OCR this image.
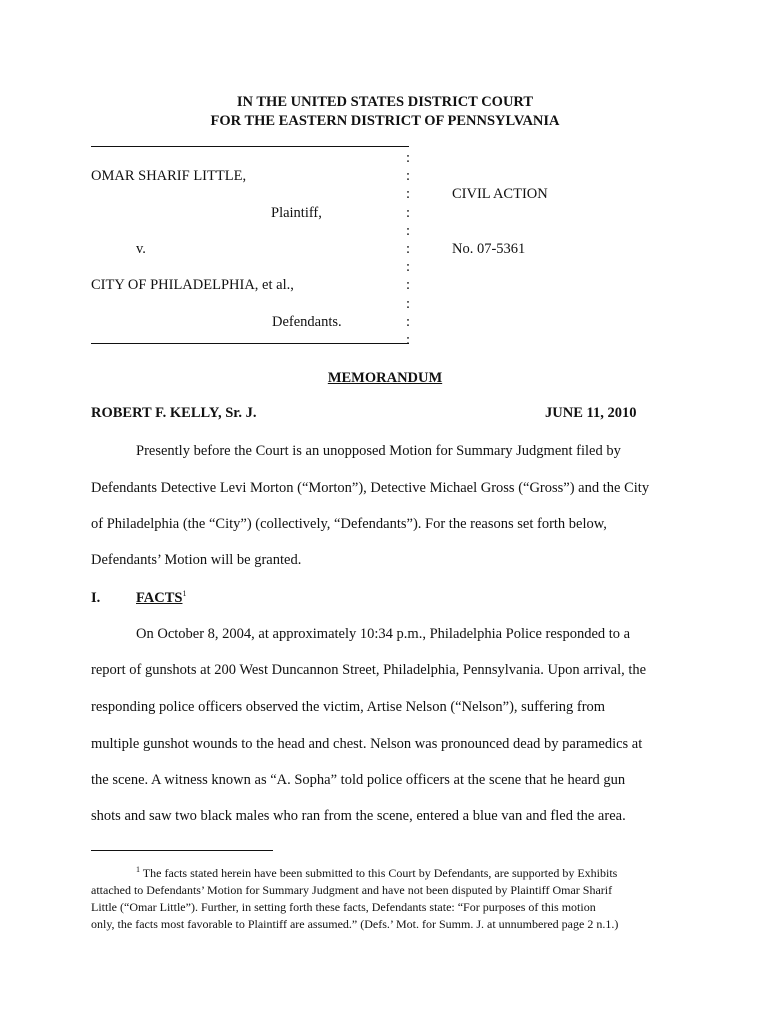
IN THE UNITED STATES DISTRICT COURT
FOR THE EASTERN DISTRICT OF PENNSYLVANIA
OMAR SHARIF LITTLE,
Plaintiff,
v.
CITY OF PHILADELPHIA, et al.,
Defendants.
:
:
:
:
:
:
:
:
:
:
:
CIVIL ACTION
No. 07-5361
MEMORANDUM
ROBERT F. KELLY, Sr. J.	JUNE 11, 2010
Presently before the Court is an unopposed Motion for Summary Judgment filed by
Defendants Detective Levi Morton (“Morton”), Detective Michael Gross (“Gross”) and the City
of Philadelphia (the “City”) (collectively, “Defendants”). For the reasons set forth below,
Defendants’ Motion will be granted.
I. FACTS$^1$
On October 8, 2004, at approximately 10:34 p.m., Philadelphia Police responded to a
report of gunshots at 200 West Duncannon Street, Philadelphia, Pennsylvania. Upon arrival, the
responding police officers observed the victim, Artise Nelson (“Nelson”), suffering from
multiple gunshot wounds to the head and chest. Nelson was pronounced dead by paramedics at
the scene. A witness known as “A. Sopha” told police officers at the scene that he heard gun
shots and saw two black males who ran from the scene, entered a blue van and fled the area.
$^1$ The facts stated herein have been submitted to this Court by Defendants, are supported by Exhibits
attached to Defendants’ Motion for Summary Judgment and have not been disputed by Plaintiff Omar Sharif
Little (“Omar Little”). Further, in setting forth these facts, Defendants state: “For purposes of this motion
only, the facts most favorable to Plaintiff are assumed.” (Defs.’ Mot. for Summ. J. at unnumbered page 2 n.1.)
